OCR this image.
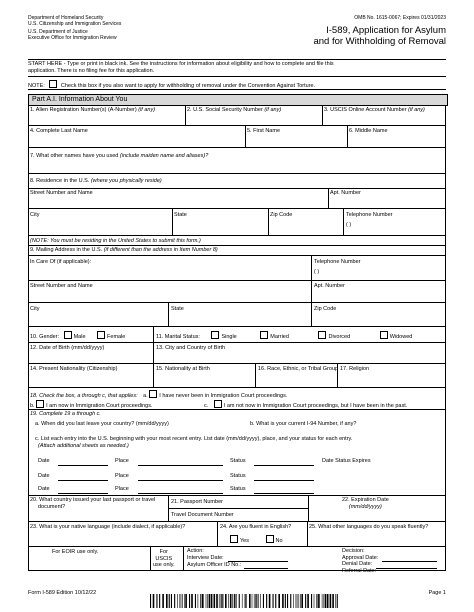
Department of Homeland Security
U.S. Citizenship and Immigration Services
U.S. Department of Justice
Executive Office for Immigration Review
OMB No. 1615-0067; Expires 01/31/2023
I-589, Application for Asylum
and for Withholding of Removal
START HERE - Type or print in black ink. See the instructions for information about eligibility and how to complete and file this
application. There is no filing fee for this application.
NOTE:	Check this box if you also want to apply for withholding of removal under the Convention Against Torture.
Part A.I. Information About You
1. Alien Registration Number(s) (A-Number) (if any)	2. U.S. Social Security Number (if any)	3. USCIS Online Account Number (if any)
4. Complete Last Name	5. First Name	6. Middle Name
7. What other names have you used (include maiden name and aliases)?
8. Residence in the U.S. (where you physically reside)
Street Number and Name	Apt. Number
City	State	Zip Code	Telephone Number
( )
(NOTE: You must be residing in the United States to submit this form.)
9. Mailing Address in the U.S. (if different than the address in Item Number 8)
In Care Of (if applicable):	Telephone Number
( )
Street Number and Name	Apt. Number
City	State	Zip Code
10. Gender:	Male	Female	11. Marital Status:	Single	Married	Divorced	Widowed
12. Date of Birth (mm/dd/yyyy)	13. City and Country of Birth
14. Present Nationality (Citizenship)	15. Nationality at Birth	16. Race, Ethnic, or Tribal Group 17. Religion
18. Check the box, a through c, that applies: a. I have never been in Immigration Court proceedings.
b. I am now in Immigration Court proceedings.	c.	I am not now in Immigration Court proceedings, but I have been in the past.
19. Complete 19 a through c.
a. When did you last leave your country? (mm/dd/yyyy)	b. What is your current I-94 Number, if any?
c. List each entry into the U.S. beginning with your most recent entry. List date (mm/dd/yyyy), place, and your status for each entry.
(Attach additional sheets as needed.)
Date	Place	Status	Date Status Expires
Date	Place	Status
Date	Place	Status
20. What country issued your last passport or travel
document?
21. Passport Number
Travel Document Number
22. Expiration Date
(mm/dd/yyyy)
23. What is your native language (include dialect, if applicable)?	24. Are you fluent in English?
Yes	No
25. What other languages do you speak fluently?
For EOIR use only.	For
USCIS
use only.
Action:
Interview Date:
Asylum Officer ID No.:
Decision:
Approval Date:
Denial Date:
Referral Date:
Form I-589 Edition 10/12/22	Page 1
